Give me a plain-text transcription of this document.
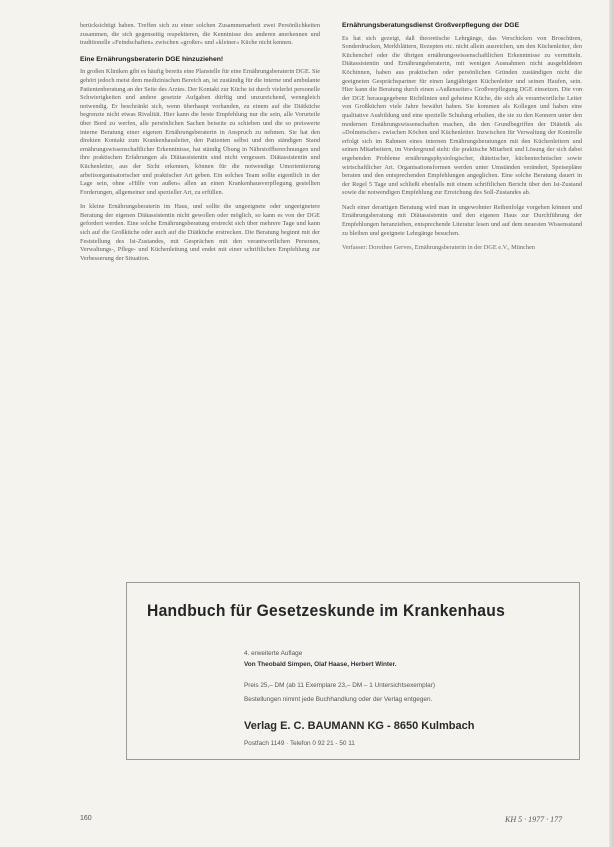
berücksichtigt haben. Treffen sich zu einer solchen Zusammenarbeit zwei Persönlichkeiten zusammen, die sich gegenseitig respektieren, die Kenntnisse des anderen anerkennen und traditionelle »Feindschaften« zwischen »großer« und »kleiner« Küche nicht kennen.

Eine Ernährungsberaterin DGE hinzuziehen!

In großen Kliniken gibt es häufig bereits eine Planstelle für eine Ernährungsberaterin DGE. Sie gehört jedoch meist dem medizinischen Bereich an, ist zuständig für die interne und ambulante Patientenberatung an der Seite des Arztes. Der Kontakt zur Küche ist durch vielerlei personelle Schwierigkeiten und andere gesetzte Aufgaben dürftig und unzureichend, wenngleich notwendig. Er beschränkt sich, wenn überhaupt vorhanden, zu einem auf die Diätküche begrenzte nicht etwas Rivalität. Hier kann die beste Empfehlung nur die sein, alle Vorurteile über Bord zu werfen, alle persönlichen Sachen beiseite zu schieben und die so preiswerte interne Beratung einer eigenen Ernährungsberaterin in Anspruch zu nehmen. Sie hat den direkten Kontakt zum Krankenhausleiter, den Patienten selbst und den ständigen Stand ernährungswissenschaftlicher Erkenntnisse, hat ständig Übung in Nährstoffberechnungen und ihre praktischen Erfahrungen als Diätassistentin sind nicht vergessen. Diätassistentin und Küchenleiter, aus der Sicht erkennen, können für die notwendige Umorientierung arbeitsorganisatorischer und praktischer Art geben. Ein solches Team sollte eigentlich in der Lage sein, ohne »Hilfe von außen« allen an einen Krankenhausverpflegung gestellten Forderungen, allgemeiner und spezieller Art, zu erfüllen.

In kleine Ernährungsberaterin im Haus, und sollte die ungeeignete oder ungeeignetere Beratung der eigenen Diätassistentin nicht gewollen oder möglich, so kann es von der DGE gefordert werden. Eine solche Ernährungsberatung erstreckt sich über mehrere Tage und kann sich auf die Großküche oder auch auf die Diätküche erstrecken. Die Beratung beginnt mit der Feststellung des Ist-Zustandes, mit Gesprächen mit den verantwortlichen Personen, Verwaltungs-, Pflege- und Küchenleitung und endet mit einer schriftlichen Empfehlung zur Verbesserung der Situation.

Ernährungsberatungsdienst Großverpflegung der DGE

Es hat sich gezeigt, daß theoretische Lehrgänge, das Verschicken von Broschüren, Sonderdrucken, Merkblättern, Rezepten etc. nicht allein ausreichen, um den Küchenleiter, den Küchenchef oder die übrigen ernährungswissenschaftlichen Erkenntnisse zu vermitteln. Diätassistentin und Ernährungsberaterin, mit wenigen Ausnahmen nicht ausgebildeten Köchinnen, haben aus praktischen oder persönlichen Gründen zuständigen nicht die geeigneten Gesprächspartner für einen langjährigen Küchenleiter und seinen Haufen, sein. Hier kann die Beratung durch einen »Außenseiter« Großverpflegung DGE einsetzen. Die von der DGE herausgegebene Richtlinien und geheime Küche, die sich als verantwortliche Leiter von Großküchen viele Jahre bewährt haben. Sie kommen als Kollegen und haben eine qualitative Ausbildung und eine spezielle Schulung erhalten, die sie zu den Kennern unter den modernen Ernährungswissenschaften machen, die den Grundbegriffen der Diätetik als »Dolmetscher« zwischen Köchen und Küchenleiter. Inzwischen für Verwaltung der Kontrolle erfolgt sich im Rahmen eines internen Ernährungsberatungen mit den Küchenleitern und seinen Mitarbeitern, im Vordergrund steht: die praktische Mitarbeit und Lösung der sich dabei ergebenden Probleme ernährungsphysiologischer, diätetischer, küchentechnischer sowie wirtschaftlicher Art. Organisationsformen werden unter Umständen verändert, Speisepläne beraten und den entsprechenden Empfehlungen angeglichen. Eine solche Beratung dauert in der Regel 5 Tage und schließt ebenfalls mit einem schriftlichen Bericht über den Ist-Zustand sowie die notwendigen Empfehlung zur Erreichung des Soll-Zustandes ab.

Nach einer derartigen Beratung wird man in ungewohnter Reihenfolge vorgehen können und Ernährungsberatung mit Diätassistentin und den eigenen Haus zur Durchführung der Empfehlungen heranziehen, entsprechende Literatur lesen und auf dem neuesten Wissensstand zu bleiben und geeignete Lehrgänge besuchen.

Verfasser: Dorothee Gerves, Ernährungsberaterin in der DGE e.V., München

Handbuch für Gesetzeskunde im Krankenhaus
4. erweiterte Auflage
Von Theobald Simpen, Olaf Haase, Herbert Winter.
Preis 25,– DM (ab 11 Exemplare 23,– DM – 1 Untersichtsexemplar)
Bestellungen nimmt jede Buchhandlung oder der Verlag entgegen.
Verlag E. C. BAUMANN KG - 8650 Kulmbach
Postfach 1149 · Telefon 0 92 21 - 50 11
160	KH 5 · 1977 · 177
